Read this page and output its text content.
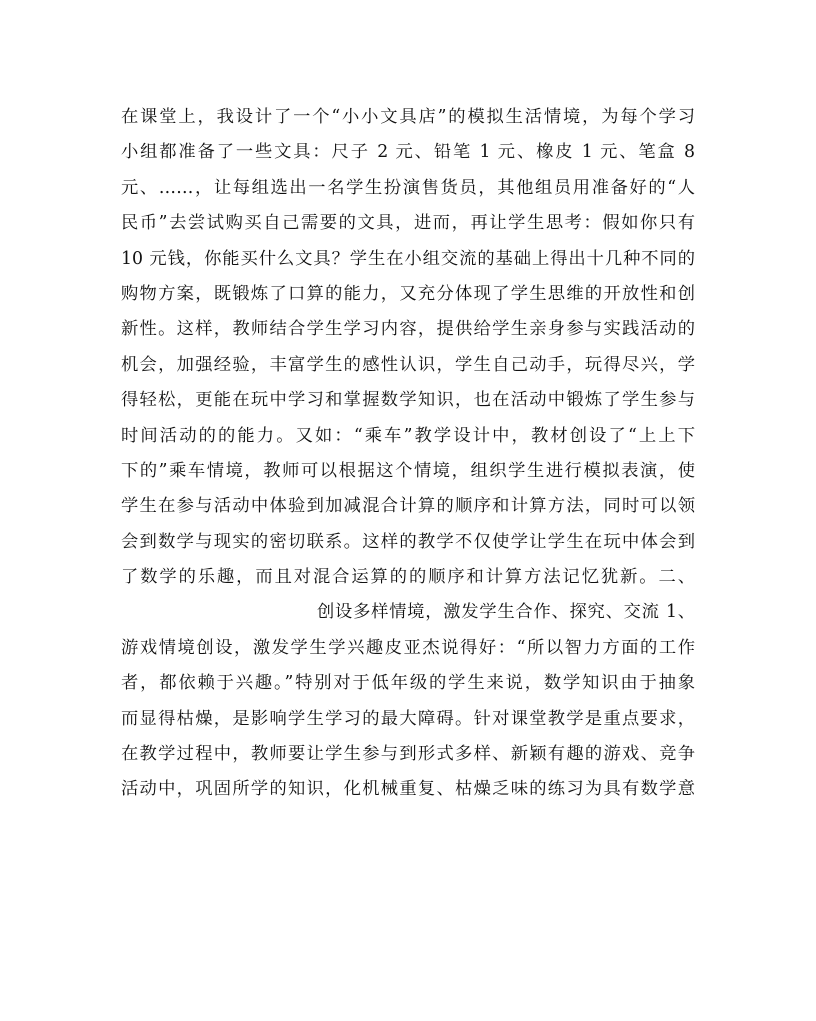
在课堂上，我设计了一个“小小文具店”的模拟生活情境，为每个学习
小组都准备了一些文具：尺子 2 元、铅笔 1 元、橡皮 1 元、笔盒 8
元、……，让每组选出一名学生扮演售货员，其他组员用准备好的“人
民币”去尝试购买自己需要的文具，进而，再让学生思考：假如你只有
10 元钱，你能买什么文具？学生在小组交流的基础上得出十几种不同的
购物方案，既锻炼了口算的能力，又充分体现了学生思维的开放性和创
新性。这样，教师结合学生学习内容，提供给学生亲身参与实践活动的
机会，加强经验，丰富学生的感性认识，学生自己动手，玩得尽兴，学
得轻松，更能在玩中学习和掌握数学知识，也在活动中锻炼了学生参与
时间活动的的能力。又如：“乘车”教学设计中，教材创设了“上上下
下的”乘车情境，教师可以根据这个情境，组织学生进行模拟表演，使
学生在参与活动中体验到加减混合计算的顺序和计算方法，同时可以领
会到数学与现实的密切联系。这样的教学不仅使学让学生在玩中体会到
了数学的乐趣，而且对混合运算的的顺序和计算方法记忆犹新。二、
创设多样情境，激发学生合作、探究、交流 1、
游戏情境创设，激发学生学兴趣皮亚杰说得好：“所以智力方面的工作
者，都依赖于兴趣。”特别对于低年级的学生来说，数学知识由于抽象
而显得枯燥，是影响学生学习的最大障碍。针对课堂教学是重点要求，
在教学过程中，教师要让学生参与到形式多样、新颖有趣的游戏、竞争
活动中，巩固所学的知识，化机械重复、枯燥乏味的练习为具有数学意
